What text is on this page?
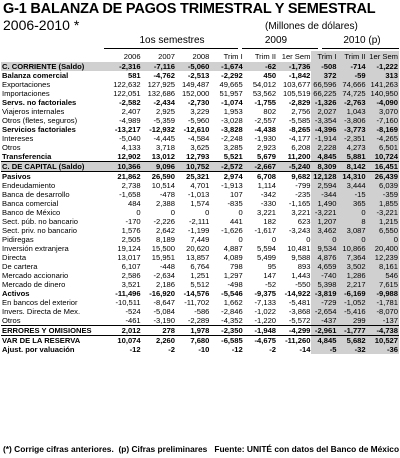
G-1 BALANZA DE PAGOS TRIMESTRAL Y SEMESTRAL
2006-2010 *	(Millones de dólares)
1os semestres	2009	2010 (p)
	2006	2007	2008	Trim I	Trim II	1er Sem	Trim I	Trim II	1er Sem
C. CORRIENTE (Saldo)	-2,316	-7,116	-5,060	-1,674	-62	-1,736	-508	-714	-1,222
Balanza comercial	581	-4,762	-2,513	-2,292	450	-1,842	372	-59	313
Exportaciones	122,632	127,925	149,487	49,665	54,012	103,677	66,596	74,666	141,263
Importaciones	122,051	132,686	152,000	51,957	53,562	105,519	66,225	74,725	140,950
Servs. no factoriales	-2,582	-2,434	-2,730	-1,074	-1,755	-2,829	-1,326	-2,763	-4,090
Viajeros internales	2,407	2,925	3,229	1,953	802	2,756	2,027	1,043	3,070
Otros (fletes, seguros)	-4,989	-5,359	-5,960	-3,028	-2,557	-5,585	-3,354	-3,806	-7,160
Servicios factoriales	-13,217	-12,932	-12,610	-3,828	-4,438	-8,265	-4,396	-3,773	-8,169
Intereses	-5,040	-4,445	-4,584	-2,248	-1,930	-4,177	-1,914	-2,351	-4,265
Otros	4,133	3,718	3,625	3,285	2,923	6,208	2,228	4,273	6,501
Transferencia	12,902	13,012	12,793	5,521	5,679	11,200	4,845	5,881	10,724
C. DE CAPITAL (Saldo)	10,366	9,096	10,752	-2,572	-2,667	-5,240	8,309	8,142	16,451
Pasivos	21,862	26,590	25,321	2,974	6,708	9,682	12,128	14,310	26,439
Endeudamiento	2,738	10,514	4,701	-1,913	1,114	-799	2,594	3,444	6,039
Banca de desarrollo	-1,658	-478	-1,013	107	-342	-235	-344	-15	-359
Banca comercial	484	2,388	1,574	-835	-330	-1,165	1,490	365	1,855
Banco de México	0	0	0	0	3,221	3,221	-3,221	0	-3,221
Sect. púb. no bancario	-170	-2,226	-2,111	441	182	623	1,207	8	1,215
Sect. priv. no bancario	1,576	2,642	-1,199	-1,626	-1,617	-3,243	3,462	3,087	6,550
Pidiregas	2,505	8,189	7,449	0	0	0	0	0	0
Inversión extranjera	19,124	15,500	20,620	4,887	5,594	10,481	9,534	10,866	20,400
Directa	13,017	15,951	13,857	4,089	5,499	9,588	4,876	7,364	12,239
De cartera	6,107	-448	6,764	798	95	893	4,659	3,502	8,161
Mercado accionario	2,586	-2,634	1,251	1,297	147	1,443	-740	1,286	546
Mercado de dinero	3,521	2,186	5,512	-498	-52	-550	5,398	2,217	7,615
Activos	-11,496	-16,920	-14,576	-5,546	-9,375	-14,922	-3,819	-6,169	-9,988
En bancos del exterior	-10,511	-8,647	-11,702	1,662	-7,133	-5,481	-729	-1,052	-1,781
Invers. Directa de Mex.	-524	-5,084	-586	-2,846	-1,022	-3,868	-2,654	-5,416	-8,070
Otros	-461	-3,190	-2,289	-4,352	-1,220	-5,572	-437	299	-137
ERRORES Y OMISIONES	2,012	278	1,978	-2,350	-1,948	-4,299	-2,961	-1,777	-4,738
VAR DE LA RESERVA	10,074	2,260	7,680	-6,585	-4,675	-11,260	4,845	5,682	10,527
Ajust. por valuación	-12	-2	-10	-12	-2	-14	-5	-32	-36
(*) Corrige cifras anteriores. (p) Cifras preliminares Fuente: UNITÉ con datos del Banco de México
